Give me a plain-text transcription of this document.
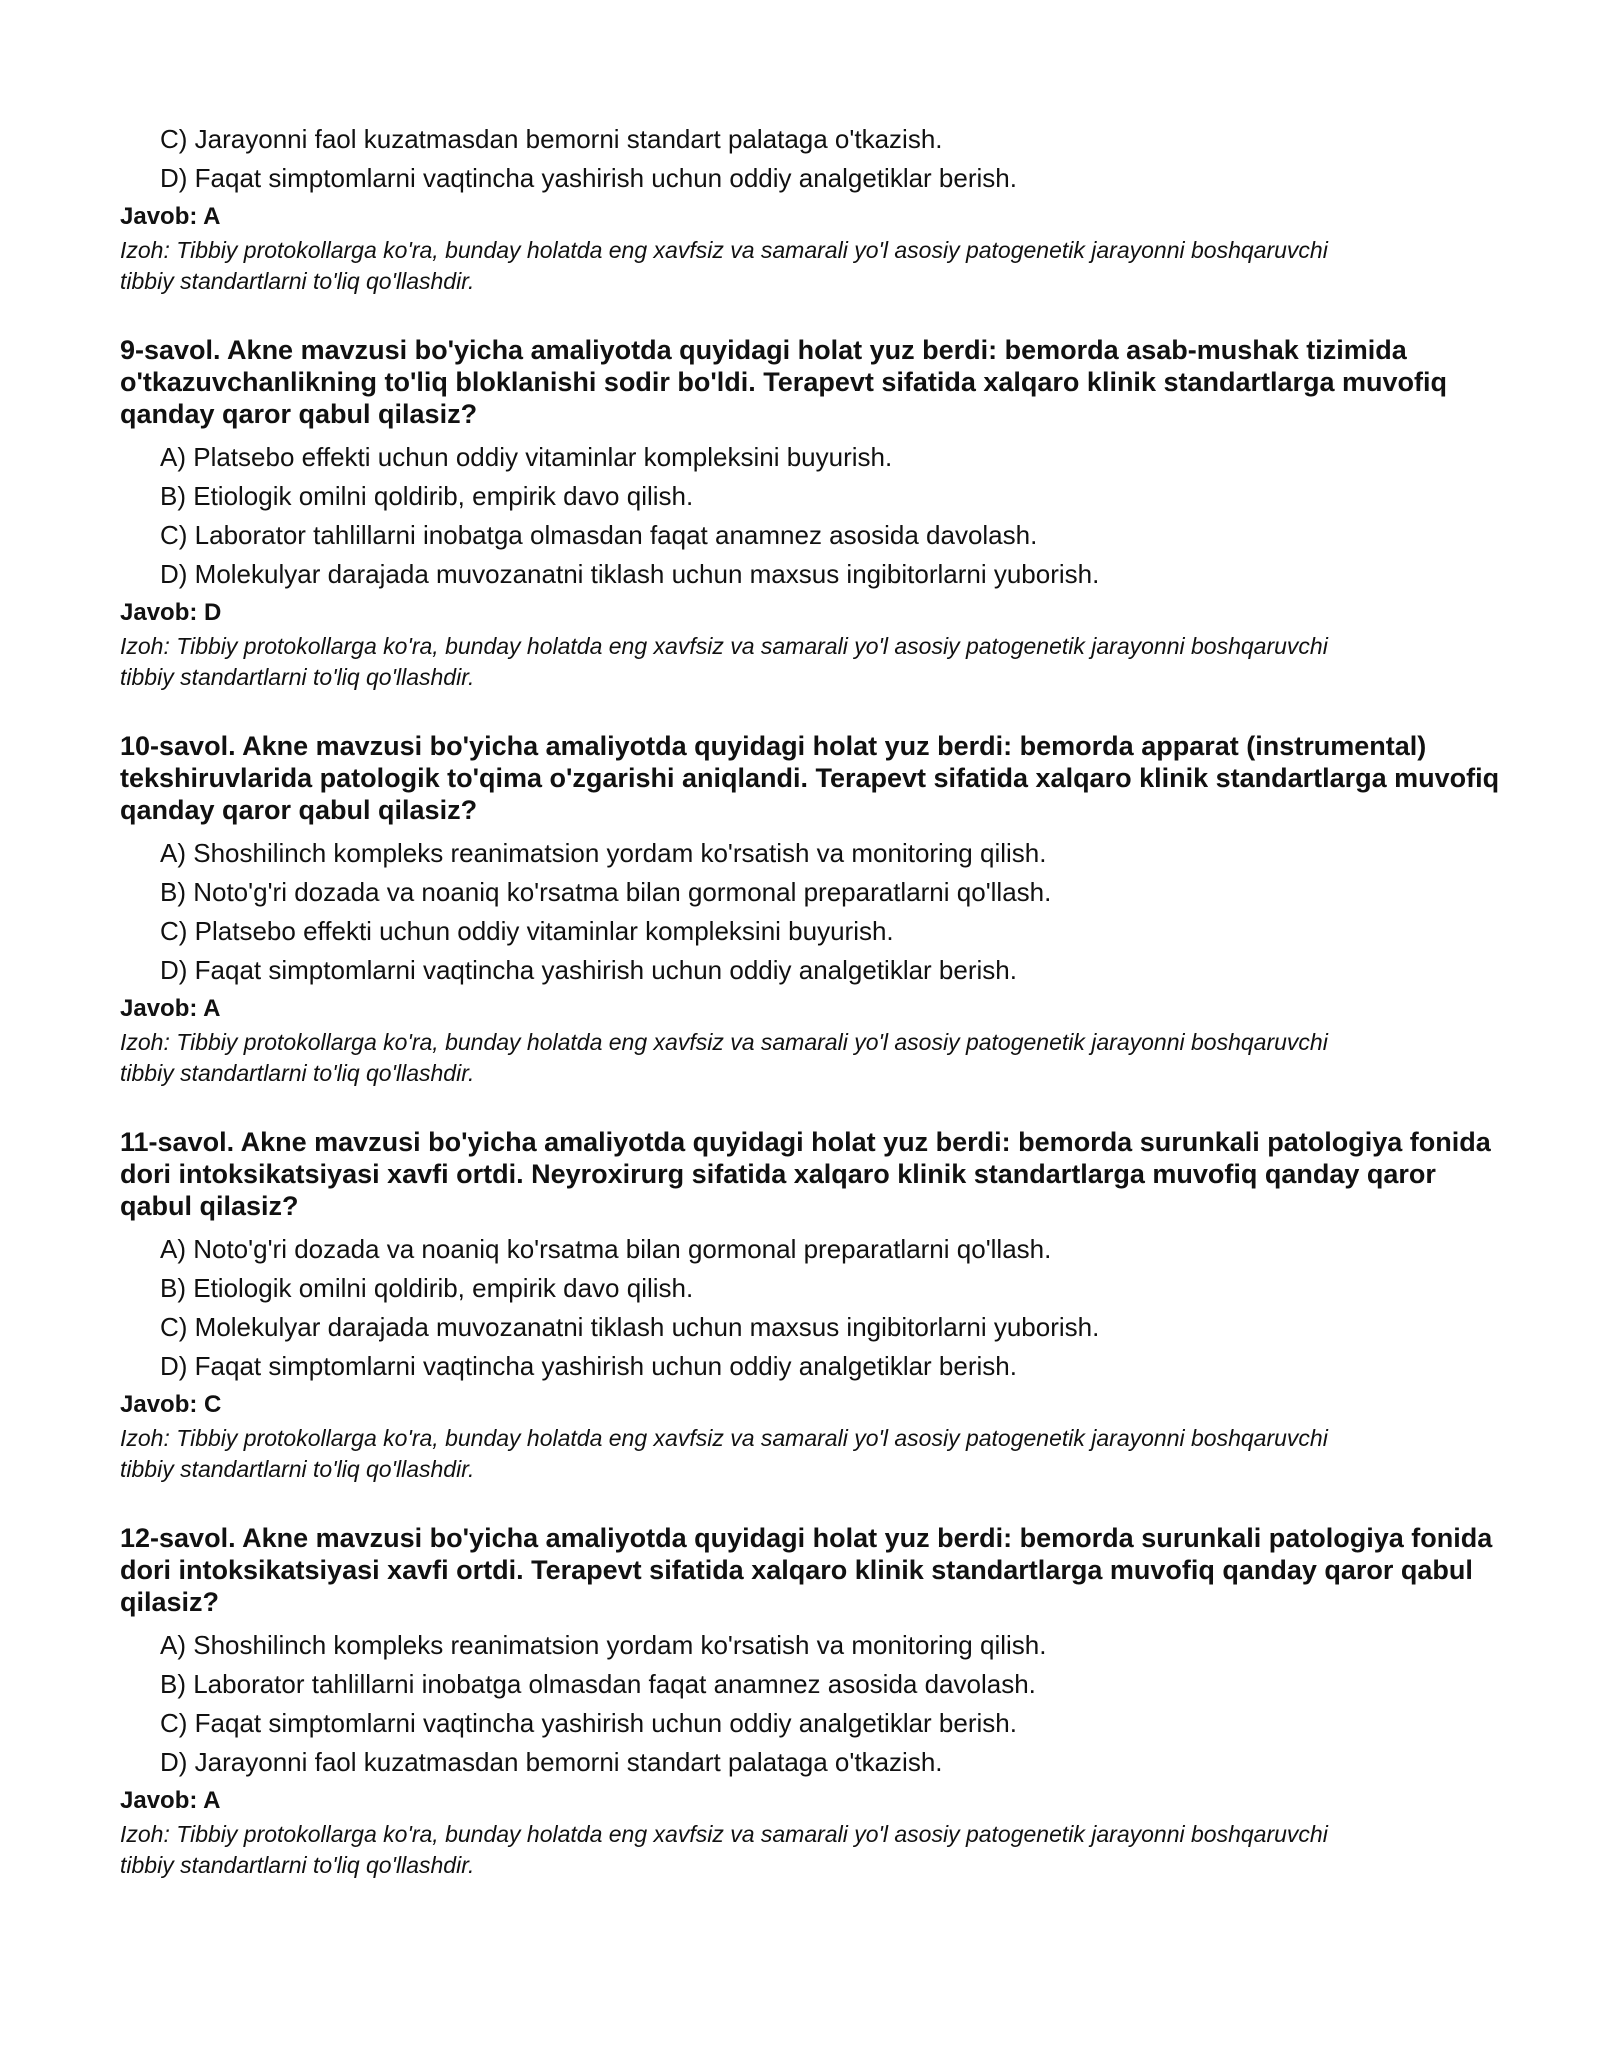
C) Jarayonni faol kuzatmasdan bemorni standart palataga o'tkazish.
D) Faqat simptomlarni vaqtincha yashirish uchun oddiy analgetiklar berish.
Javob: A
Izoh: Tibbiy protokollarga ko'ra, bunday holatda eng xavfsiz va samarali yo'l asosiy patogenetik jarayonni boshqaruvchi tibbiy standartlarni to'liq qo'llashdir.
9-savol. Akne mavzusi bo'yicha amaliyotda quyidagi holat yuz berdi: bemorda asab-mushak tizimida o'tkazuvchanlikning to'liq bloklanishi sodir bo'ldi. Terapevt sifatida xalqaro klinik standartlarga muvofiq qanday qaror qabul qilasiz?
A) Platsebo effekti uchun oddiy vitaminlar kompleksini buyurish.
B) Etiologik omilni qoldirib, empirik davo qilish.
C) Laborator tahlillarni inobatga olmasdan faqat anamnez asosida davolash.
D) Molekulyar darajada muvozanatni tiklash uchun maxsus ingibitorlarni yuborish.
Javob: D
Izoh: Tibbiy protokollarga ko'ra, bunday holatda eng xavfsiz va samarali yo'l asosiy patogenetik jarayonni boshqaruvchi tibbiy standartlarni to'liq qo'llashdir.
10-savol. Akne mavzusi bo'yicha amaliyotda quyidagi holat yuz berdi: bemorda apparat (instrumental) tekshiruvlarida patologik to'qima o'zgarishi aniqlandi. Terapevt sifatida xalqaro klinik standartlarga muvofiq qanday qaror qabul qilasiz?
A) Shoshilinch kompleks reanimatsion yordam ko'rsatish va monitoring qilish.
B) Noto'g'ri dozada va noaniq ko'rsatma bilan gormonal preparatlarni qo'llash.
C) Platsebo effekti uchun oddiy vitaminlar kompleksini buyurish.
D) Faqat simptomlarni vaqtincha yashirish uchun oddiy analgetiklar berish.
Javob: A
Izoh: Tibbiy protokollarga ko'ra, bunday holatda eng xavfsiz va samarali yo'l asosiy patogenetik jarayonni boshqaruvchi tibbiy standartlarni to'liq qo'llashdir.
11-savol. Akne mavzusi bo'yicha amaliyotda quyidagi holat yuz berdi: bemorda surunkali patologiya fonida dori intoksikatsiyasi xavfi ortdi. Neyroxirurg sifatida xalqaro klinik standartlarga muvofiq qanday qaror qabul qilasiz?
A) Noto'g'ri dozada va noaniq ko'rsatma bilan gormonal preparatlarni qo'llash.
B) Etiologik omilni qoldirib, empirik davo qilish.
C) Molekulyar darajada muvozanatni tiklash uchun maxsus ingibitorlarni yuborish.
D) Faqat simptomlarni vaqtincha yashirish uchun oddiy analgetiklar berish.
Javob: C
Izoh: Tibbiy protokollarga ko'ra, bunday holatda eng xavfsiz va samarali yo'l asosiy patogenetik jarayonni boshqaruvchi tibbiy standartlarni to'liq qo'llashdir.
12-savol. Akne mavzusi bo'yicha amaliyotda quyidagi holat yuz berdi: bemorda surunkali patologiya fonida dori intoksikatsiyasi xavfi ortdi. Terapevt sifatida xalqaro klinik standartlarga muvofiq qanday qaror qabul qilasiz?
A) Shoshilinch kompleks reanimatsion yordam ko'rsatish va monitoring qilish.
B) Laborator tahlillarni inobatga olmasdan faqat anamnez asosida davolash.
C) Faqat simptomlarni vaqtincha yashirish uchun oddiy analgetiklar berish.
D) Jarayonni faol kuzatmasdan bemorni standart palataga o'tkazish.
Javob: A
Izoh: Tibbiy protokollarga ko'ra, bunday holatda eng xavfsiz va samarali yo'l asosiy patogenetik jarayonni boshqaruvchi tibbiy standartlarni to'liq qo'llashdir.
